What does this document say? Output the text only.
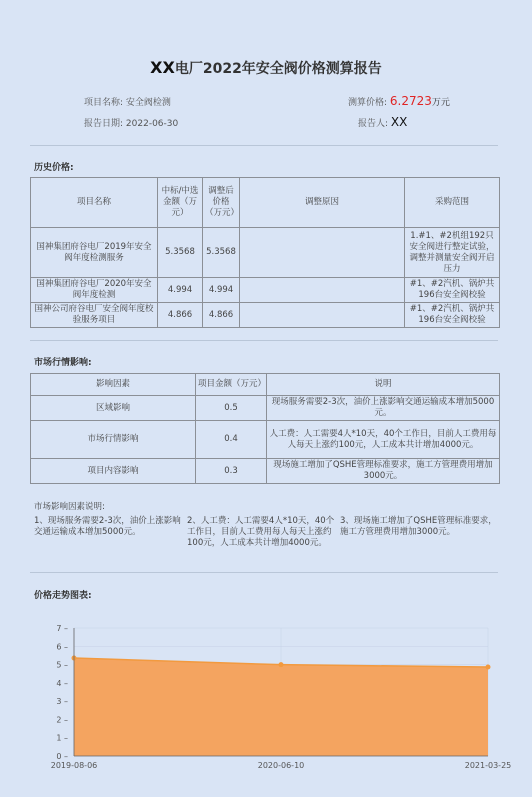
XX电厂2022年安全阀价格测算报告
项目名称: 安全阀检测
报告日期: 2022-06-30
测算价格: 6.2723万元
报告人: XX
历史价格:
项目名称	中标/中选金额（万元）	调整后价格（万元）	调整原因	采购范围
国神集团府谷电厂2019年安全阀年度检测服务	5.3568	5.3568		1.#1、#2机组192只安全阀进行整定试验，调整并测量安全阀开启压力
国神集团府谷电厂2020年安全阀年度检测	4.994	4.994		#1、#2汽机、锅炉共196台安全阀校验
国神公司府谷电厂安全阀年度校验服务项目	4.866	4.866		#1、#2汽机、锅炉共196台安全阀校验
市场行情影响:
影响因素	项目金额（万元）	说明
区域影响	0.5	现场服务需要2-3次，油价上涨影响交通运输成本增加5000元。
市场行情影响	0.4	人工费：人工需要4人*10天，40个工作日，目前人工费用每人每天上涨约100元，人工成本共计增加4000元。
项目内容影响	0.3	现场施工增加了QSHE管理标准要求，施工方管理费用增加3000元。
市场影响因素说明:
1、现场服务需要2-3次，油价上涨影响交通运输成本增加5000元。
2、人工费：人工需要4人*10天，40个工作日，目前人工费用每人每天上涨约100元，人工成本共计增加4000元。
3、现场施工增加了QSHE管理标准要求，施工方管理费用增加3000元。
价格走势图表:
0 –
1 –
2 –
3 –
4 –
5 –
6 –
7 –
2019-08-06	2020-06-10	2021-03-25
